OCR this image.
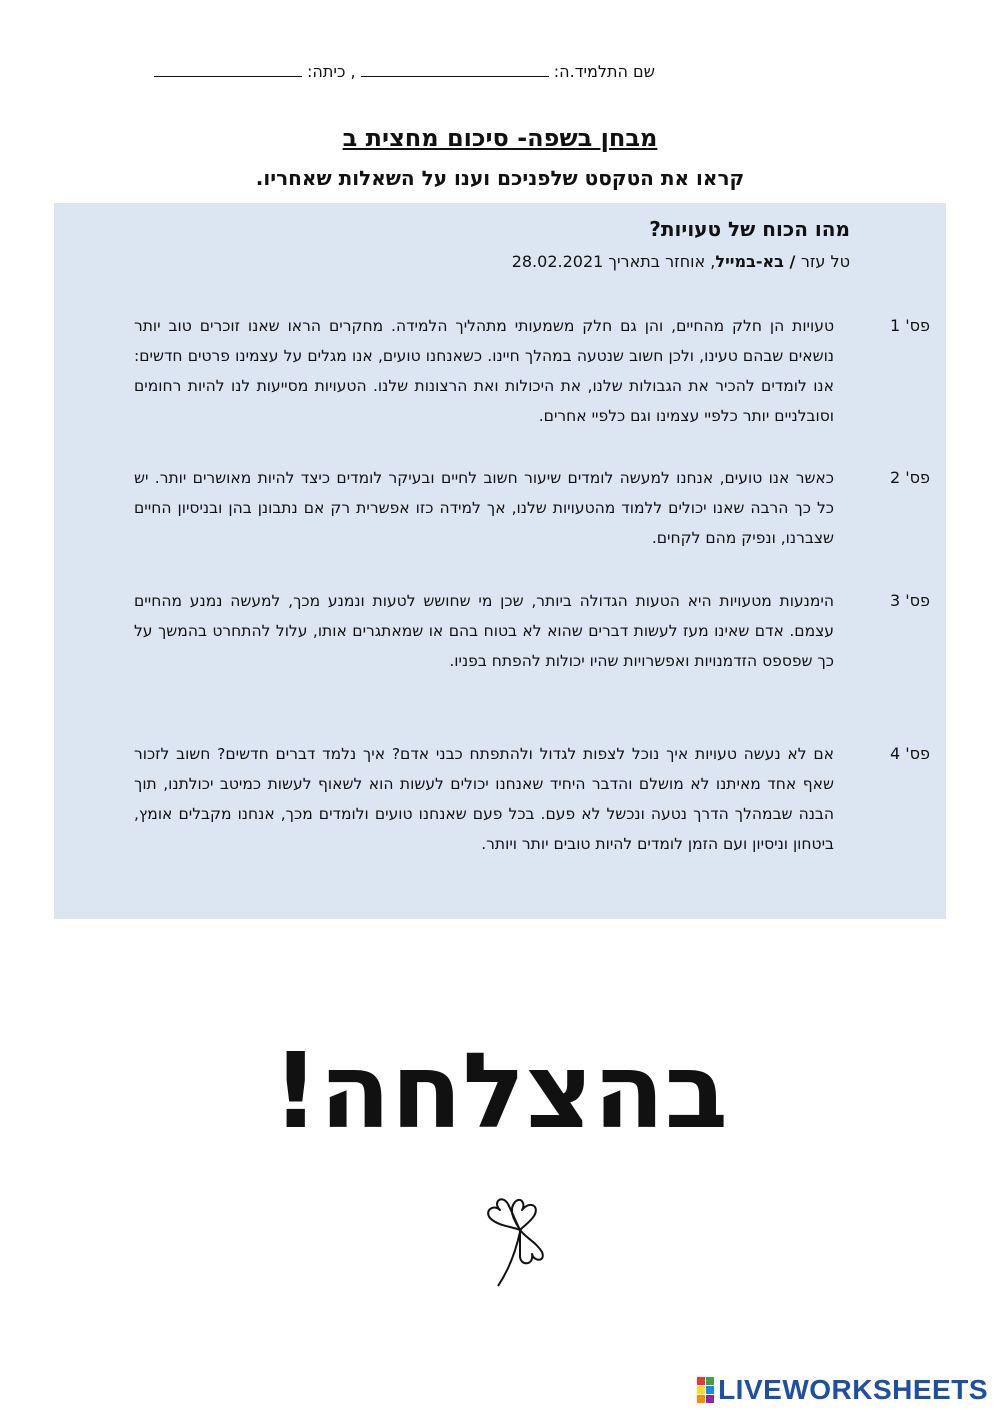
שם התלמיד.ה:  , כיתה:
מבחן בשפה- סיכום מחצית ב
קראו את הטקסט שלפניכם וענו על השאלות שאחריו.
מהו הכוח של טעויות?
טל עזר / בא-במייל, אוחזר בתאריך 28.02.2021
פס' 1
טעויות הן חלק מהחיים, והן גם חלק משמעותי מתהליך הלמידה. מחקרים הראו שאנו זוכרים טוב יותר נושאים שבהם טעינו, ולכן חשוב שנטעה במהלך חיינו. כשאנחנו טועים, אנו מגלים על עצמינו פרטים חדשים: אנו לומדים להכיר את הגבולות שלנו, את היכולות ואת הרצונות שלנו. הטעויות מסייעות לנו להיות רחומים וסובלניים יותר כלפיי עצמינו וגם כלפיי אחרים.
פס' 2
כאשר אנו טועים, אנחנו למעשה לומדים שיעור חשוב לחיים ובעיקר לומדים כיצד להיות מאושרים יותר. יש כל כך הרבה שאנו יכולים ללמוד מהטעויות שלנו, אך למידה כזו אפשרית רק אם נתבונן בהן ובניסיון החיים שצברנו, ונפיק מהם לקחים.
פס' 3
הימנעות מטעויות היא הטעות הגדולה ביותר, שכן מי שחושש לטעות ונמנע מכך, למעשה נמנע מהחיים עצמם. אדם שאינו מעז לעשות דברים שהוא לא בטוח בהם או שמאתגרים אותו, עלול להתחרט בהמשך על כך שפספס הזדמנויות ואפשרויות שהיו יכולות להפתח בפניו.
פס' 4
אם לא נעשה טעויות איך נוכל לצפות לגדול ולהתפתח כבני אדם? איך נלמד דברים חדשים? חשוב לזכור שאף אחד מאיתנו לא מושלם והדבר היחיד שאנחנו יכולים לעשות הוא לשאוף לעשות כמיטב יכולתנו, תוך הבנה שבמהלך הדרך נטעה ונכשל לא פעם. בכל פעם שאנחנו טועים ולומדים מכך, אנחנו מקבלים אומץ, ביטחון וניסיון ועם הזמן לומדים להיות טובים יותר ויותר.
בהצלחה!
LIVEWORKSHEETS
